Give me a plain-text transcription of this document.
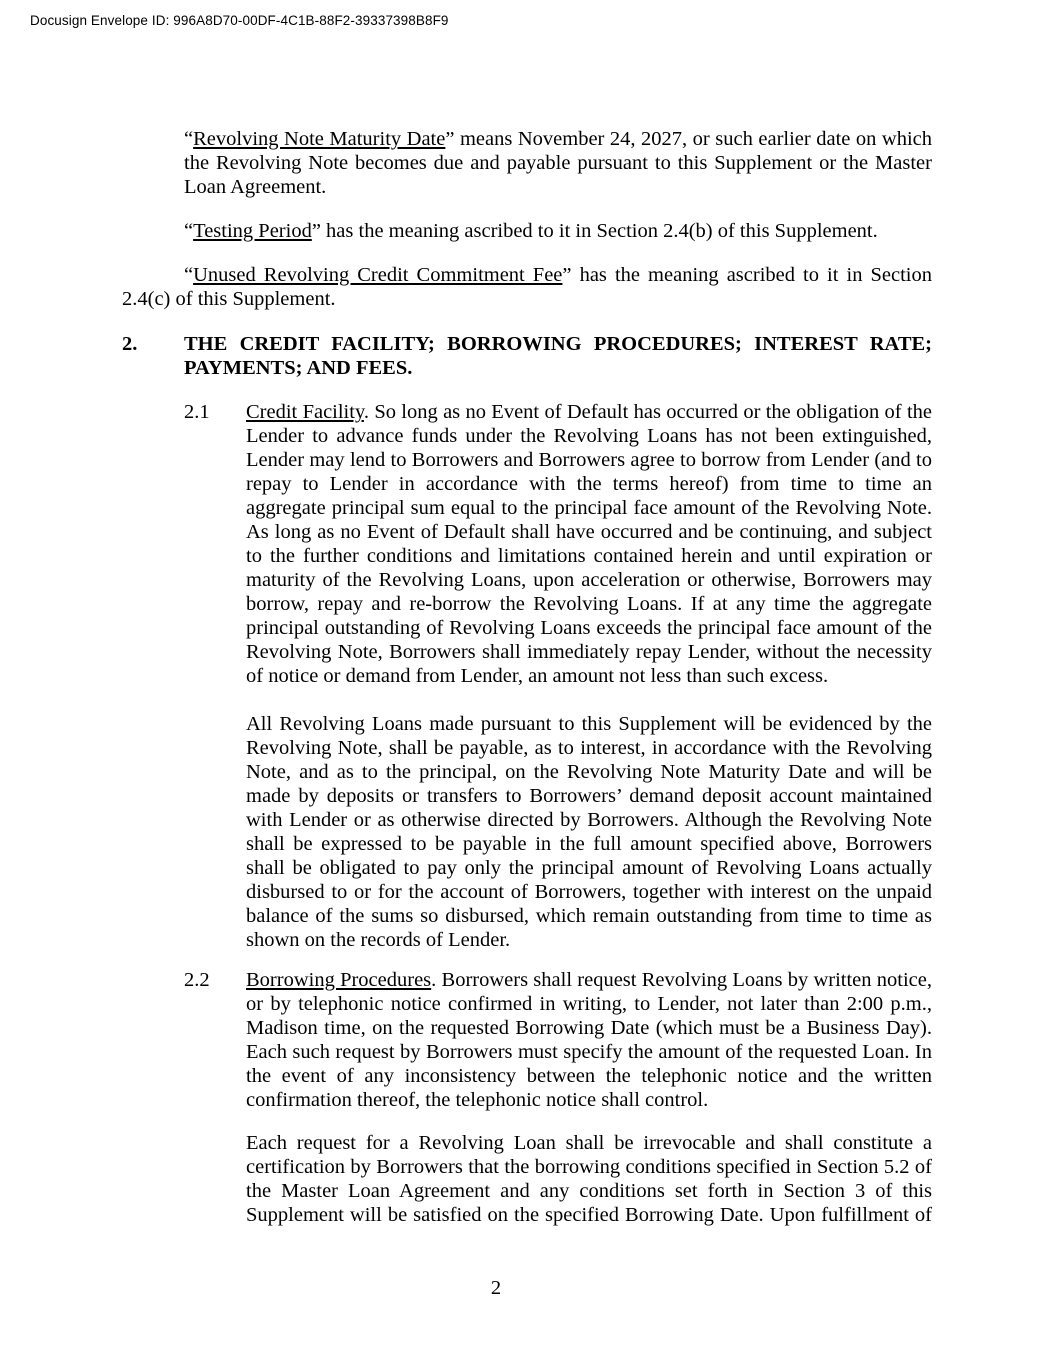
Docusign Envelope ID: 996A8D70-00DF-4C1B-88F2-39337398B8F9

“Revolving Note Maturity Date” means November 24, 2027, or such earlier date on which the Revolving Note becomes due and payable pursuant to this Supplement or the Master Loan Agreement.

“Testing Period” has the meaning ascribed to it in Section 2.4(b) of this Supplement.

“Unused Revolving Credit Commitment Fee” has the meaning ascribed to it in Section 2.4(c) of this Supplement.

2.	THE CREDIT FACILITY; BORROWING PROCEDURES; INTEREST RATE; PAYMENTS; AND FEES.
2.1	Credit Facility. So long as no Event of Default has occurred or the obligation of the Lender to advance funds under the Revolving Loans has not been extinguished, Lender may lend to Borrowers and Borrowers agree to borrow from Lender (and to repay to Lender in accordance with the terms hereof) from time to time an aggregate principal sum equal to the principal face amount of the Revolving Note. As long as no Event of Default shall have occurred and be continuing, and subject to the further conditions and limitations contained herein and until expiration or maturity of the Revolving Loans, upon acceleration or otherwise, Borrowers may borrow, repay and re-borrow the Revolving Loans. If at any time the aggregate principal outstanding of Revolving Loans exceeds the principal face amount of the Revolving Note, Borrowers shall immediately repay Lender, without the necessity of notice or demand from Lender, an amount not less than such excess.

All Revolving Loans made pursuant to this Supplement will be evidenced by the Revolving Note, shall be payable, as to interest, in accordance with the Revolving Note, and as to the principal, on the Revolving Note Maturity Date and will be made by deposits or transfers to Borrowers’ demand deposit account maintained with Lender or as otherwise directed by Borrowers. Although the Revolving Note shall be expressed to be payable in the full amount specified above, Borrowers shall be obligated to pay only the principal amount of Revolving Loans actually disbursed to or for the account of Borrowers, together with interest on the unpaid balance of the sums so disbursed, which remain outstanding from time to time as shown on the records of Lender.

2.2	Borrowing Procedures. Borrowers shall request Revolving Loans by written notice, or by telephonic notice confirmed in writing, to Lender, not later than 2:00 p.m., Madison time, on the requested Borrowing Date (which must be a Business Day). Each such request by Borrowers must specify the amount of the requested Loan. In the event of any inconsistency between the telephonic notice and the written confirmation thereof, the telephonic notice shall control.

Each request for a Revolving Loan shall be irrevocable and shall constitute a certification by Borrowers that the borrowing conditions specified in Section 5.2 of the Master Loan Agreement and any conditions set forth in Section 3 of this Supplement will be satisfied on the specified Borrowing Date. Upon fulfillment of

2
